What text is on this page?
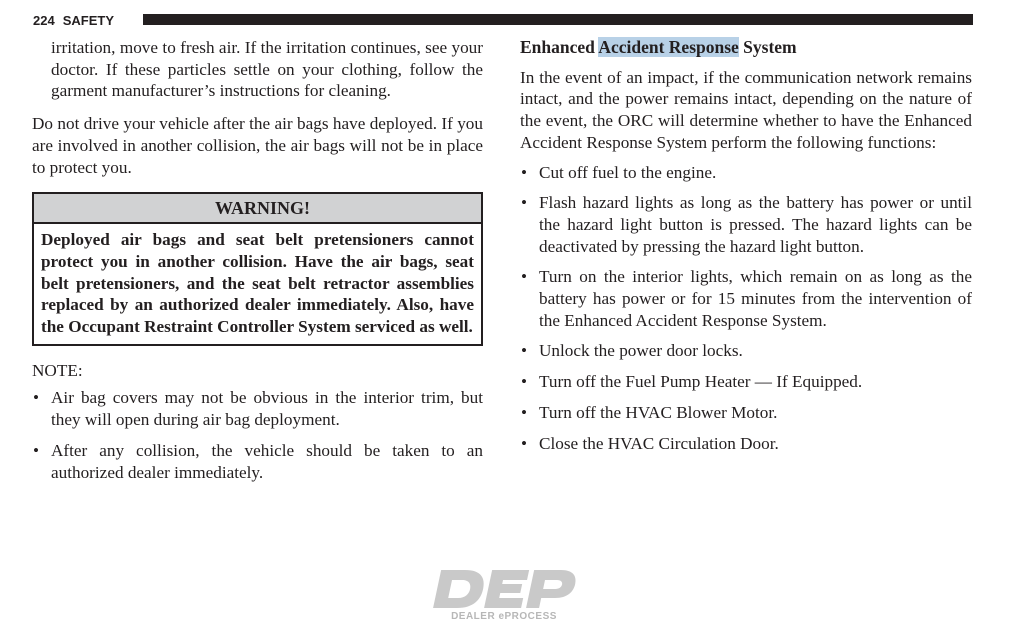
224 SAFETY

irritation, move to fresh air. If the irritation continues, see your doctor. If these particles settle on your clothing, follow the garment manufacturer’s instructions for cleaning.

Do not drive your vehicle after the air bags have deployed. If you are involved in another collision, the air bags will not be in place to protect you.

WARNING!
Deployed air bags and seat belt pretensioners cannot protect you in another collision. Have the air bags, seat belt pretensioners, and the seat belt retractor assemblies replaced by an authorized dealer immediately. Also, have the Occupant Restraint Controller System serviced as well.
NOTE:
• Air bag covers may not be obvious in the interior trim, but they will open during air bag deployment.
• After any collision, the vehicle should be taken to an authorized dealer immediately.
Enhanced Accident Response System

In the event of an impact, if the communication network remains intact, and the power remains intact, depending on the nature of the event, the ORC will determine whether to have the Enhanced Accident Response System perform the following functions:

• Cut off fuel to the engine.
• Flash hazard lights as long as the battery has power or until the hazard light button is pressed. The hazard lights can be deactivated by pressing the hazard light button.
• Turn on the interior lights, which remain on as long as the battery has power or for 15 minutes from the intervention of the Enhanced Accident Response System.
• Unlock the power door locks.
• Turn off the Fuel Pump Heater — If Equipped.
• Turn off the HVAC Blower Motor.
• Close the HVAC Circulation Door.
DEALER ePROCESS
